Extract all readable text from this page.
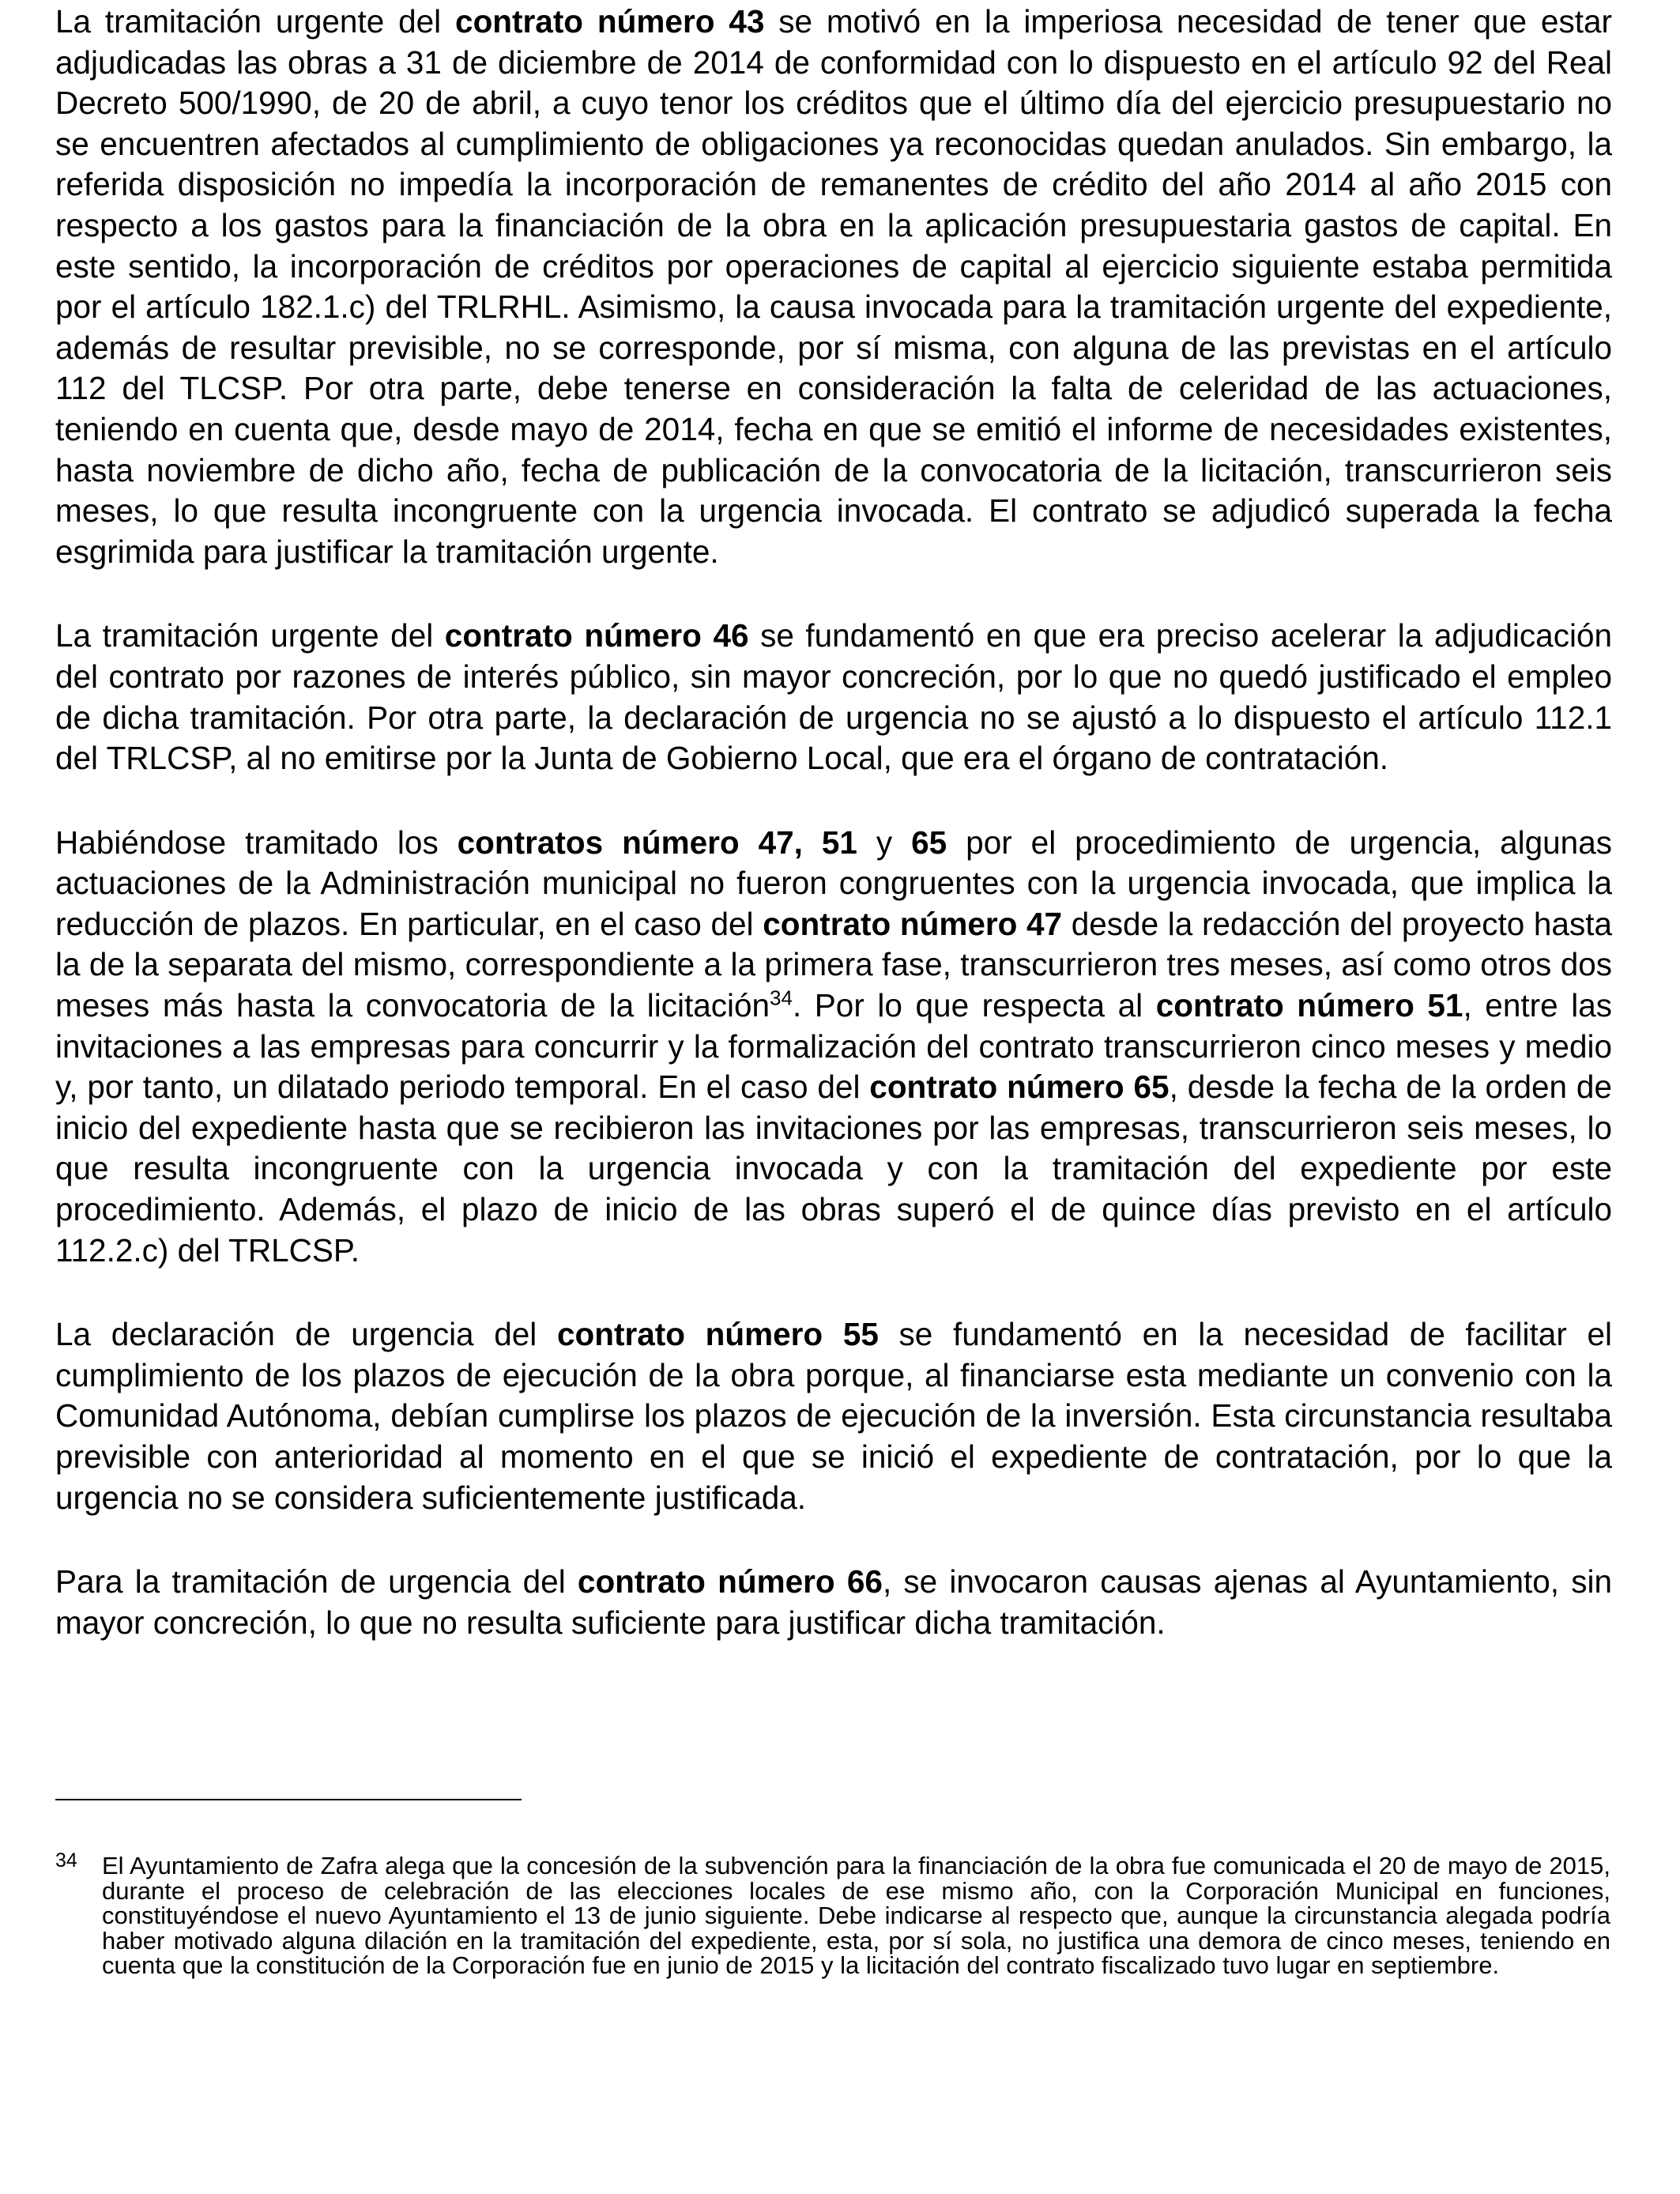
La tramitación urgente del contrato número 43 se motivó en la imperiosa necesidad de tener que estar adjudicadas las obras a 31 de diciembre de 2014 de conformidad con lo dispuesto en el artículo 92 del Real Decreto 500/1990, de 20 de abril, a cuyo tenor los créditos que el último día del ejercicio presupuestario no se encuentren afectados al cumplimiento de obligaciones ya reconocidas quedan anulados. Sin embargo, la referida disposición no impedía la incorporación de remanentes de crédito del año 2014 al año 2015 con respecto a los gastos para la financiación de la obra en la aplicación presupuestaria gastos de capital. En este sentido, la incorporación de créditos por operaciones de capital al ejercicio siguiente estaba permitida por el artículo 182.1.c) del TRLRHL. Asimismo, la causa invocada para la tramitación urgente del expediente, además de resultar previsible, no se corresponde, por sí misma, con alguna de las previstas en el artículo 112 del TLCSP. Por otra parte, debe tenerse en consideración la falta de celeridad de las actuaciones, teniendo en cuenta que, desde mayo de 2014, fecha en que se emitió el informe de necesidades existentes, hasta noviembre de dicho año, fecha de publicación de la convocatoria de la licitación, transcurrieron seis meses, lo que resulta incongruente con la urgencia invocada. El contrato se adjudicó superada la fecha esgrimida para justificar la tramitación urgente.

La tramitación urgente del contrato número 46 se fundamentó en que era preciso acelerar la adjudicación del contrato por razones de interés público, sin mayor concreción, por lo que no quedó justificado el empleo de dicha tramitación. Por otra parte, la declaración de urgencia no se ajustó a lo dispuesto el artículo 112.1 del TRLCSP, al no emitirse por la Junta de Gobierno Local, que era el órgano de contratación.

Habiéndose tramitado los contratos número 47, 51 y 65 por el procedimiento de urgencia, algunas actuaciones de la Administración municipal no fueron congruentes con la urgencia invocada, que implica la reducción de plazos. En particular, en el caso del contrato número 47 desde la redacción del proyecto hasta la de la separata del mismo, correspondiente a la primera fase, transcurrieron tres meses, así como otros dos meses más hasta la convocatoria de la licitación$^{34}$. Por lo que respecta al contrato número 51, entre las invitaciones a las empresas para concurrir y la formalización del contrato transcurrieron cinco meses y medio y, por tanto, un dilatado periodo temporal. En el caso del contrato número 65, desde la fecha de la orden de inicio del expediente hasta que se recibieron las invitaciones por las empresas, transcurrieron seis meses, lo que resulta incongruente con la urgencia invocada y con la tramitación del expediente por este procedimiento. Además, el plazo de inicio de las obras superó el de quince días previsto en el artículo 112.2.c) del TRLCSP.

La declaración de urgencia del contrato número 55 se fundamentó en la necesidad de facilitar el cumplimiento de los plazos de ejecución de la obra porque, al financiarse esta mediante un convenio con la Comunidad Autónoma, debían cumplirse los plazos de ejecución de la inversión. Esta circunstancia resultaba previsible con anterioridad al momento en el que se inició el expediente de contratación, por lo que la urgencia no se considera suficientemente justificada.

Para la tramitación de urgencia del contrato número 66, se invocaron causas ajenas al Ayuntamiento, sin mayor concreción, lo que no resulta suficiente para justificar dicha tramitación.

34 El Ayuntamiento de Zafra alega que la concesión de la subvención para la financiación de la obra fue comunicada el 20 de mayo de 2015, durante el proceso de celebración de las elecciones locales de ese mismo año, con la Corporación Municipal en funciones, constituyéndose el nuevo Ayuntamiento el 13 de junio siguiente. Debe indicarse al respecto que, aunque la circunstancia alegada podría haber motivado alguna dilación en la tramitación del expediente, esta, por sí sola, no justifica una demora de cinco meses, teniendo en cuenta que la constitución de la Corporación fue en junio de 2015 y la licitación del contrato fiscalizado tuvo lugar en septiembre.
